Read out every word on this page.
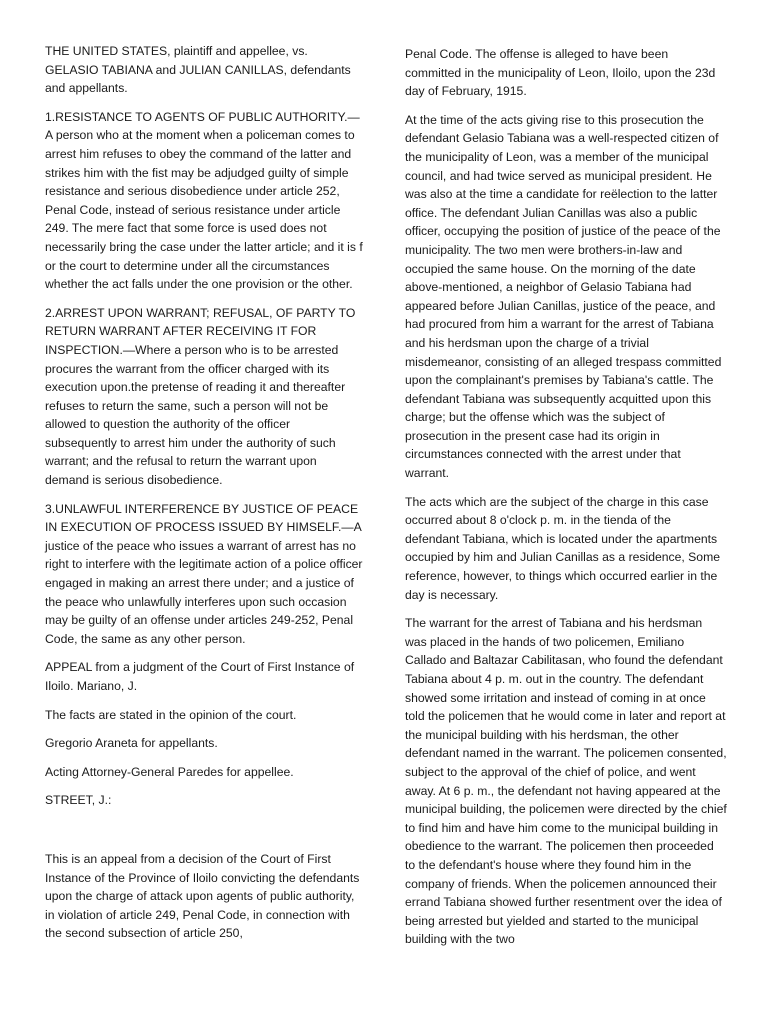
THE UNITED STATES, plaintiff and appellee, vs. GELASIO TABIANA and JULIAN CANILLAS, defendants and appellants.

1.RESISTANCE TO AGENTS OF PUBLIC AUTHORITY.—A person who at the moment when a policeman comes to arrest him refuses to obey the command of the latter and strikes him with the fist may be adjudged guilty of simple resistance and serious disobedience under article 252, Penal Code, instead of serious resistance under article 249. The mere fact that some force is used does not necessarily bring the case under the latter article; and it is f or the court to determine under all the circumstances whether the act falls under the one provision or the other.

2.ARREST UPON WARRANT; REFUSAL, OF PARTY TO RETURN WARRANT AFTER RECEIVING IT FOR INSPECTION.—Where a person who is to be arrested procures the warrant from the officer charged with its execution upon.the pretense of reading it and thereafter refuses to return the same, such a person will not be allowed to question the authority of the officer subsequently to arrest him under the authority of such warrant; and the refusal to return the warrant upon demand is serious disobedience.

3.UNLAWFUL INTERFERENCE BY JUSTICE OF PEACE IN EXECUTION OF PROCESS ISSUED BY HIMSELF.—A justice of the peace who issues a warrant of arrest has no right to interfere with the legitimate action of a police officer engaged in making an arrest there under; and a justice of the peace who unlawfully interferes upon such occasion may be guilty of an offense under articles 249-252, Penal Code, the same as any other person.

APPEAL from a judgment of the Court of First Instance of Iloilo. Mariano, J.

The facts are stated in the opinion of the court.

Gregorio Araneta for appellants.

Acting Attorney-General Paredes for appellee.

STREET, J.:

This is an appeal from a decision of the Court of First Instance of the Province of Iloilo convicting the defendants upon the charge of attack upon agents of public authority, in violation of article 249, Penal Code, in connection with the second subsection of article 250,

Penal Code. The offense is alleged to have been committed in the municipality of Leon, Iloilo, upon the 23d day of February, 1915.

At the time of the acts giving rise to this prosecution the defendant Gelasio Tabiana was a well-respected citizen of the municipality of Leon, was a member of the municipal council, and had twice served as municipal president. He was also at the time a candidate for reëlection to the latter office. The defendant Julian Canillas was also a public officer, occupying the position of justice of the peace of the municipality. The two men were brothers-in-law and occupied the same house. On the morning of the date above-mentioned, a neighbor of Gelasio Tabiana had appeared before Julian Canillas, justice of the peace, and had procured from him a warrant for the arrest of Tabiana and his herdsman upon the charge of a trivial misdemeanor, consisting of an alleged trespass committed upon the complainant's premises by Tabiana's cattle. The defendant Tabiana was subsequently acquitted upon this charge; but the offense which was the subject of prosecution in the present case had its origin in circumstances connected with the arrest under that warrant.

The acts which are the subject of the charge in this case occurred about 8 o'clock p. m. in the tienda of the defendant Tabiana, which is located under the apartments occupied by him and Julian Canillas as a residence, Some reference, however, to things which occurred earlier in the day is necessary.

The warrant for the arrest of Tabiana and his herdsman was placed in the hands of two policemen, Emiliano Callado and Baltazar Cabilitasan, who found the defendant Tabiana about 4 p. m. out in the country. The defendant showed some irritation and instead of coming in at once told the policemen that he would come in later and report at the municipal building with his herdsman, the other defendant named in the warrant. The policemen consented, subject to the approval of the chief of police, and went away. At 6 p. m., the defendant not having appeared at the municipal building, the policemen were directed by the chief to find him and have him come to the municipal building in obedience to the warrant. The policemen then proceeded to the defendant's house where they found him in the company of friends. When the policemen announced their errand Tabiana showed further resentment over the idea of being arrested but yielded and started to the municipal building with the two
